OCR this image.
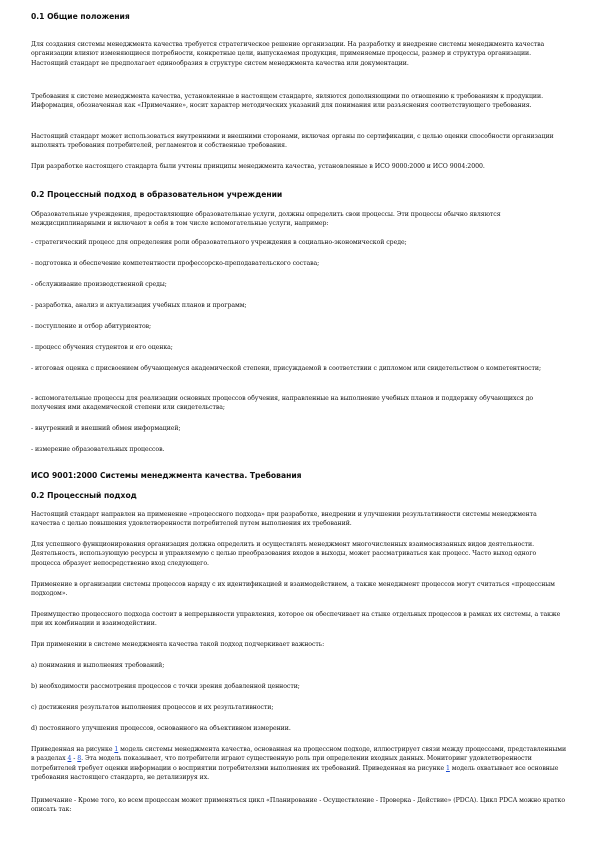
0.1 Общие положения
Для создания системы менеджмента качества требуется стратегическое решение организации. На разработку и внедрение системы менеджмента качества организации влияют изменяющиеся потребности, конкретные цели, выпускаемая продукция, применяемые процессы, размер и структура организации. Настоящий стандарт не предполагает единообразия в структуре систем менеджмента качества или документации.
Требования к системе менеджмента качества, установленные в настоящем стандарте, являются дополняющими по отношению к требованиям к продукции. Информация, обозначенная как «Примечание», носит характер методических указаний для понимания или разъяснения соответствующего требования.
Настоящий стандарт может использоваться внутренними и внешними сторонами, включая органы по сертификации, с целью оценки способности организации выполнять требования потребителей, регламентов и собственные требования.
При разработке настоящего стандарта были учтены принципы менеджмента качества, установленные в ИСО 9000:2000 и ИСО 9004:2000.
0.2 Процессный подход в образовательном учреждении
Образовательные учреждения, предоставляющие образовательные услуги, должны определить свои процессы. Эти процессы обычно являются междисциплинарными и включают в себя в том числе вспомогательные услуги, например:
- стратегический процесс для определения роли образовательного учреждения в социально-экономической среде;
- подготовка и обеспечение компетентности профессорско-преподавательского состава;
- обслуживание производственной среды;
- разработка, анализ и актуализация учебных планов и программ;
- поступление и отбор абитуриентов;
- процесс обучения студентов и его оценка;
- итоговая оценка с присвоением обучающемуся академической степени, присуждаемой в соответствии с дипломом или свидетельством о компетентности;
- вспомогательные процессы для реализации основных процессов обучения, направленные на выполнение учебных планов и поддержку обучающихся до получения ими академической степени или свидетельства;
- внутренний и внешний обмен информацией;
- измерение образовательных процессов.
ИСО 9001:2000 Системы менеджмента качества. Требования
0.2 Процессный подход
Настоящий стандарт направлен на применение «процессного подхода» при разработке, внедрении и улучшении результативности системы менеджмента качества с целью повышения удовлетворенности потребителей путем выполнения их требований.
Для успешного функционирования организация должна определить и осуществлять менеджмент многочисленных взаимосвязанных видов деятельности. Деятельность, использующую ресурсы и управляемую с целью преобразования входов в выходы, может рассматриваться как процесс. Часто выход одного процесса образует непосредственно вход следующего.
Применение в организации системы процессов наряду с их идентификацией и взаимодействием, а также менеджмент процессов могут считаться «процессным подходом».
Преимущество процессного подхода состоит в непрерывности управления, которое он обеспечивает на стыке отдельных процессов в рамках их системы, а также при их комбинации и взаимодействии.
При применении в системе менеджмента качества такой подход подчеркивает важность:
a) понимания и выполнения требований;
b) необходимости рассмотрения процессов с точки зрения добавленной ценности;
c) достижения результатов выполнения процессов и их результативности;
d) постоянного улучшения процессов, основанного на объективном измерении.
Приведенная на рисунке 1 модель системы менеджмента качества, основанная на процессном подходе, иллюстрирует связи между процессами, представленными в разделах 4 - 8. Эта модель показывает, что потребители играют существенную роль при определении входных данных. Мониторинг удовлетворенности потребителей требует оценки информации о восприятии потребителями выполнения их требований. Приведенная на рисунке 1 модель охватывает все основные требования настоящего стандарта, не детализируя их.
Примечание - Кроме того, ко всем процессам может применяться цикл «Планирование - Осуществление - Проверка - Действие» (PDCA). Цикл PDCA можно кратко описать так:
